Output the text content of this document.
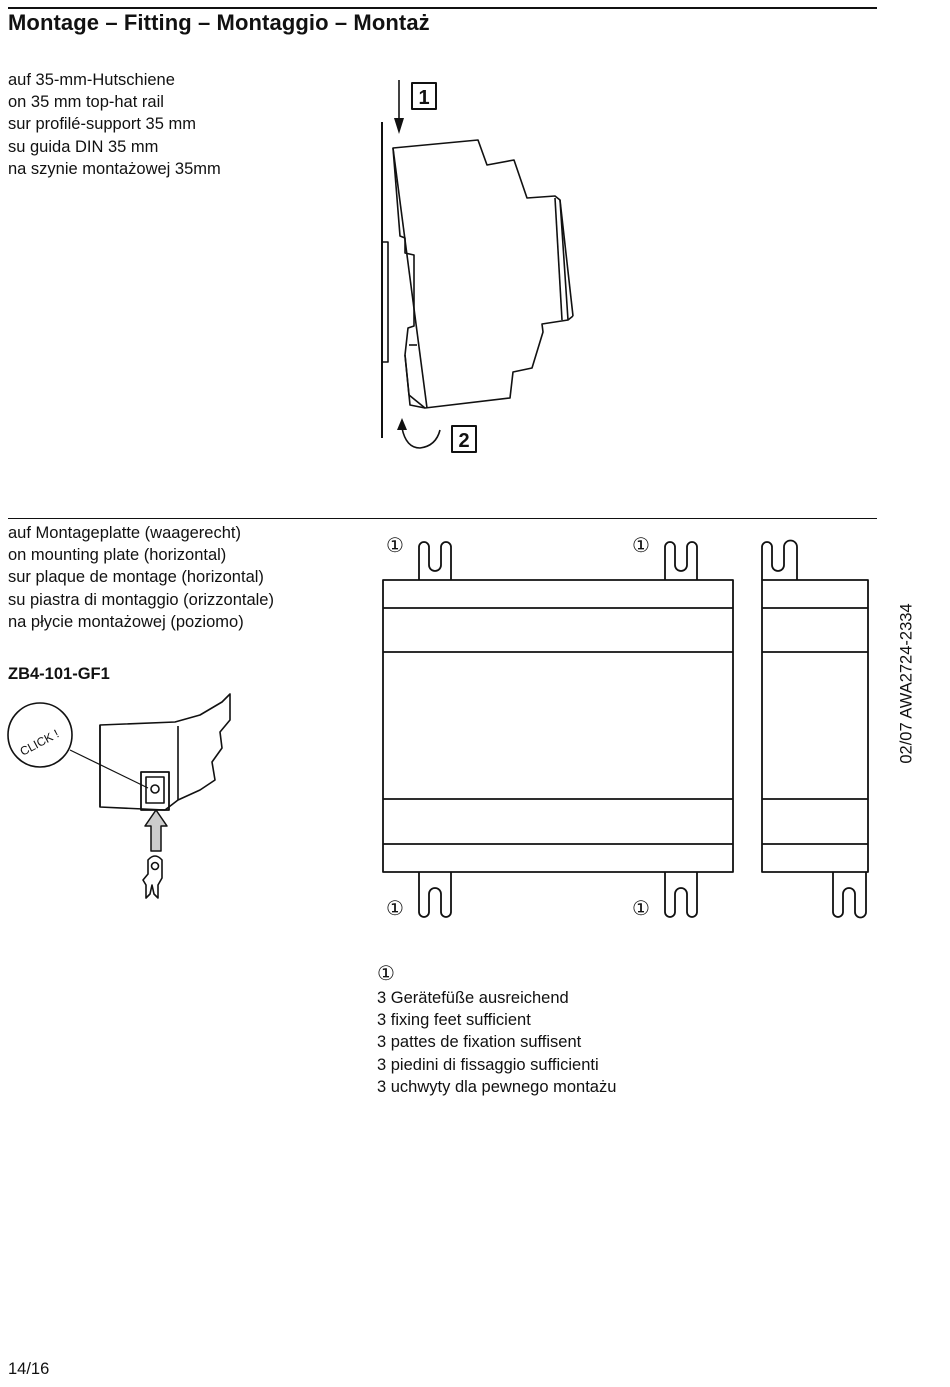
Montage – Fitting – Montaggio – Montaż
auf 35-mm-Hutschiene
on 35 mm top-hat rail
sur profilé-support 35 mm
su guida DIN 35 mm
na szynie montażowej 35mm
1
2
auf Montageplatte (waagerecht)
on mounting plate (horizontal)
sur plaque de montage (horizontal)
su piastra di montaggio (orizzontale)
na płycie montażowej (poziomo)
ZB4-101-GF1
CLICK !
①	①
①	①
①
3 Gerätefüße ausreichend
3 fixing feet sufficient
3 pattes de fixation suffisent
3 piedini di fissaggio sufficienti
3 uchwyty dla pewnego montażu
02/07 AWA2724-2334
14/16
